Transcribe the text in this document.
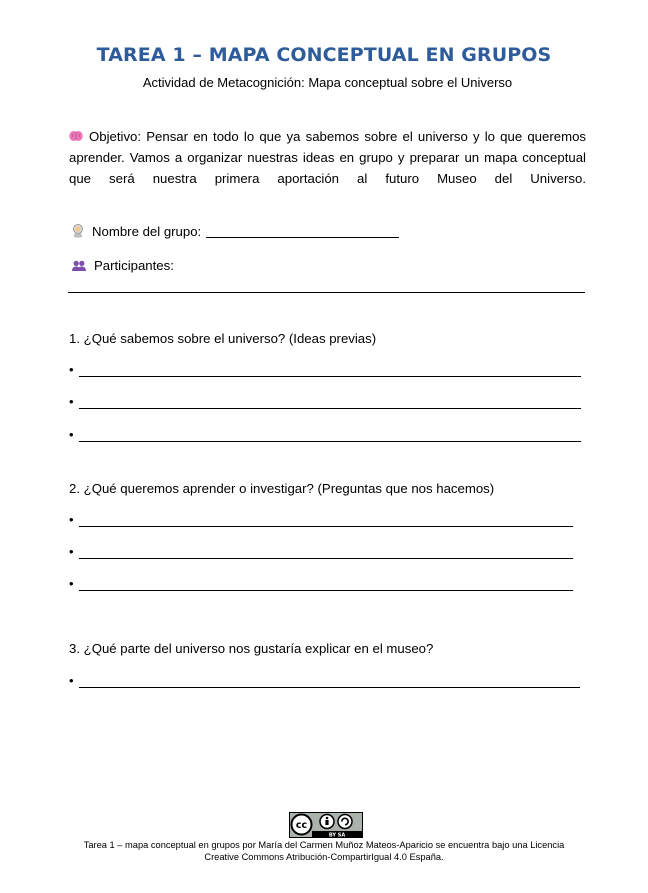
TAREA 1 – MAPA CONCEPTUAL EN GRUPOS
Actividad de Metacognición: Mapa conceptual sobre el Universo
Objetivo: Pensar en todo lo que ya sabemos sobre el universo y lo que queremos aprender. Vamos a organizar nuestras ideas en grupo y preparar un mapa conceptual que será nuestra primera aportación al futuro Museo del Universo.
Nombre del grupo:
Participantes:
1. ¿Qué sabemos sobre el universo? (Ideas previas)
•
•
•
2. ¿Qué queremos aprender o investigar? (Preguntas que nos hacemos)
•
•
•
3. ¿Qué parte del universo nos gustaría explicar en el museo?
•
cc
BY SA
Tarea 1 – mapa conceptual en grupos por María del Carmen Muñoz Mateos-Aparicio se encuentra bajo una Licencia
Creative Commons Atribución-CompartirIgual 4.0 España.
